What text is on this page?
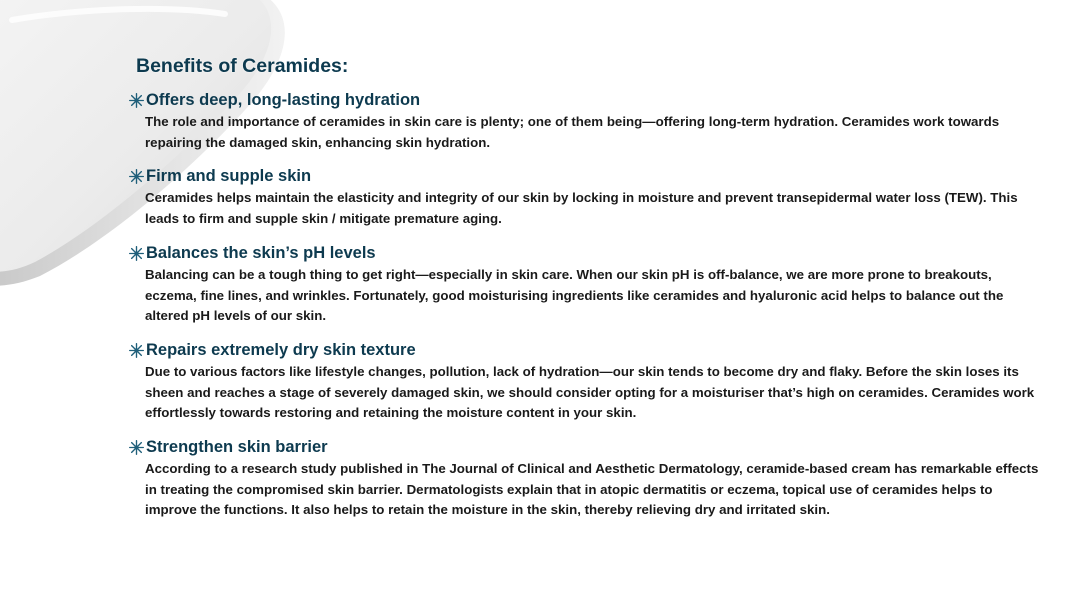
Benefits of Ceramides:
Offers deep, long-lasting hydration

The role and importance of ceramides in skin care is plenty; one of them being—offering long-term hydration. Ceramides work towards repairing the damaged skin, enhancing skin hydration.

Firm and supple skin

Ceramides helps maintain the elasticity and integrity of our skin by locking in moisture and prevent transepidermal water loss (TEW). This leads to firm and supple skin / mitigate premature aging.

Balances the skin’s pH levels

Balancing can be a tough thing to get right—especially in skin care. When our skin pH is off-balance, we are more prone to breakouts, eczema, fine lines, and wrinkles. Fortunately, good moisturising ingredients like ceramides and hyaluronic acid helps to balance out the altered pH levels of our skin.

Repairs extremely dry skin texture

Due to various factors like lifestyle changes, pollution, lack of hydration—our skin tends to become dry and flaky. Before the skin loses its sheen and reaches a stage of severely damaged skin, we should consider opting for a moisturiser that’s high on ceramides. Ceramides work effortlessly towards restoring and retaining the moisture content in your skin.

Strengthen skin barrier

According to a research study published in The Journal of Clinical and Aesthetic Dermatology, ceramide-based cream has remarkable effects in treating the compromised skin barrier. Dermatologists explain that in atopic dermatitis or eczema, topical use of ceramides helps to improve the functions. It also helps to retain the moisture in the skin, thereby relieving dry and irritated skin.
